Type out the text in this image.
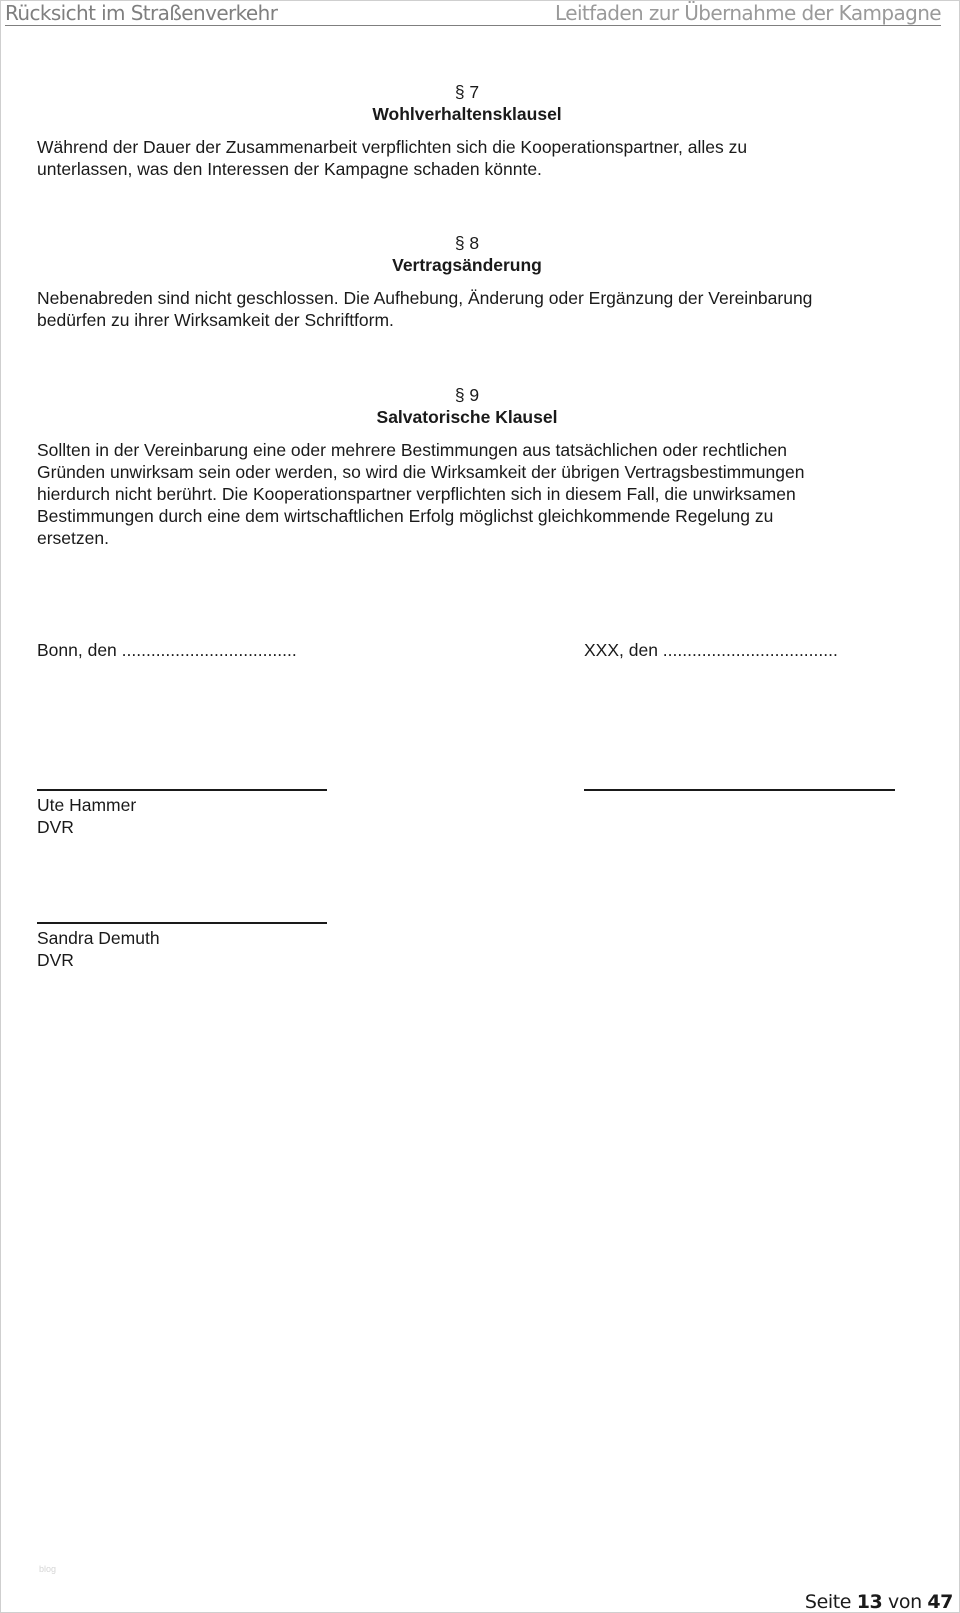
Rücksicht im Straßenverkehr	Leitfaden zur Übernahme der Kampagne
§ 7
Wohlverhaltensklausel
Während der Dauer der Zusammenarbeit verpflichten sich die Kooperationspartner, alles zu
unterlassen, was den Interessen der Kampagne schaden könnte.
§ 8
Vertragsänderung
Nebenabreden sind nicht geschlossen. Die Aufhebung, Änderung oder Ergänzung der Vereinbarung
bedürfen zu ihrer Wirksamkeit der Schriftform.
§ 9
Salvatorische Klausel
Sollten in der Vereinbarung eine oder mehrere Bestimmungen aus tatsächlichen oder rechtlichen
Gründen unwirksam sein oder werden, so wird die Wirksamkeit der übrigen Vertragsbestimmungen
hierdurch nicht berührt. Die Kooperationspartner verpflichten sich in diesem Fall, die unwirksamen
Bestimmungen durch eine dem wirtschaftlichen Erfolg möglichst gleichkommende Regelung zu
ersetzen.
Bonn, den ....................................	XXX, den ....................................
Ute Hammer
DVR
Sandra Demuth
DVR
blog
Seite 13 von 47
